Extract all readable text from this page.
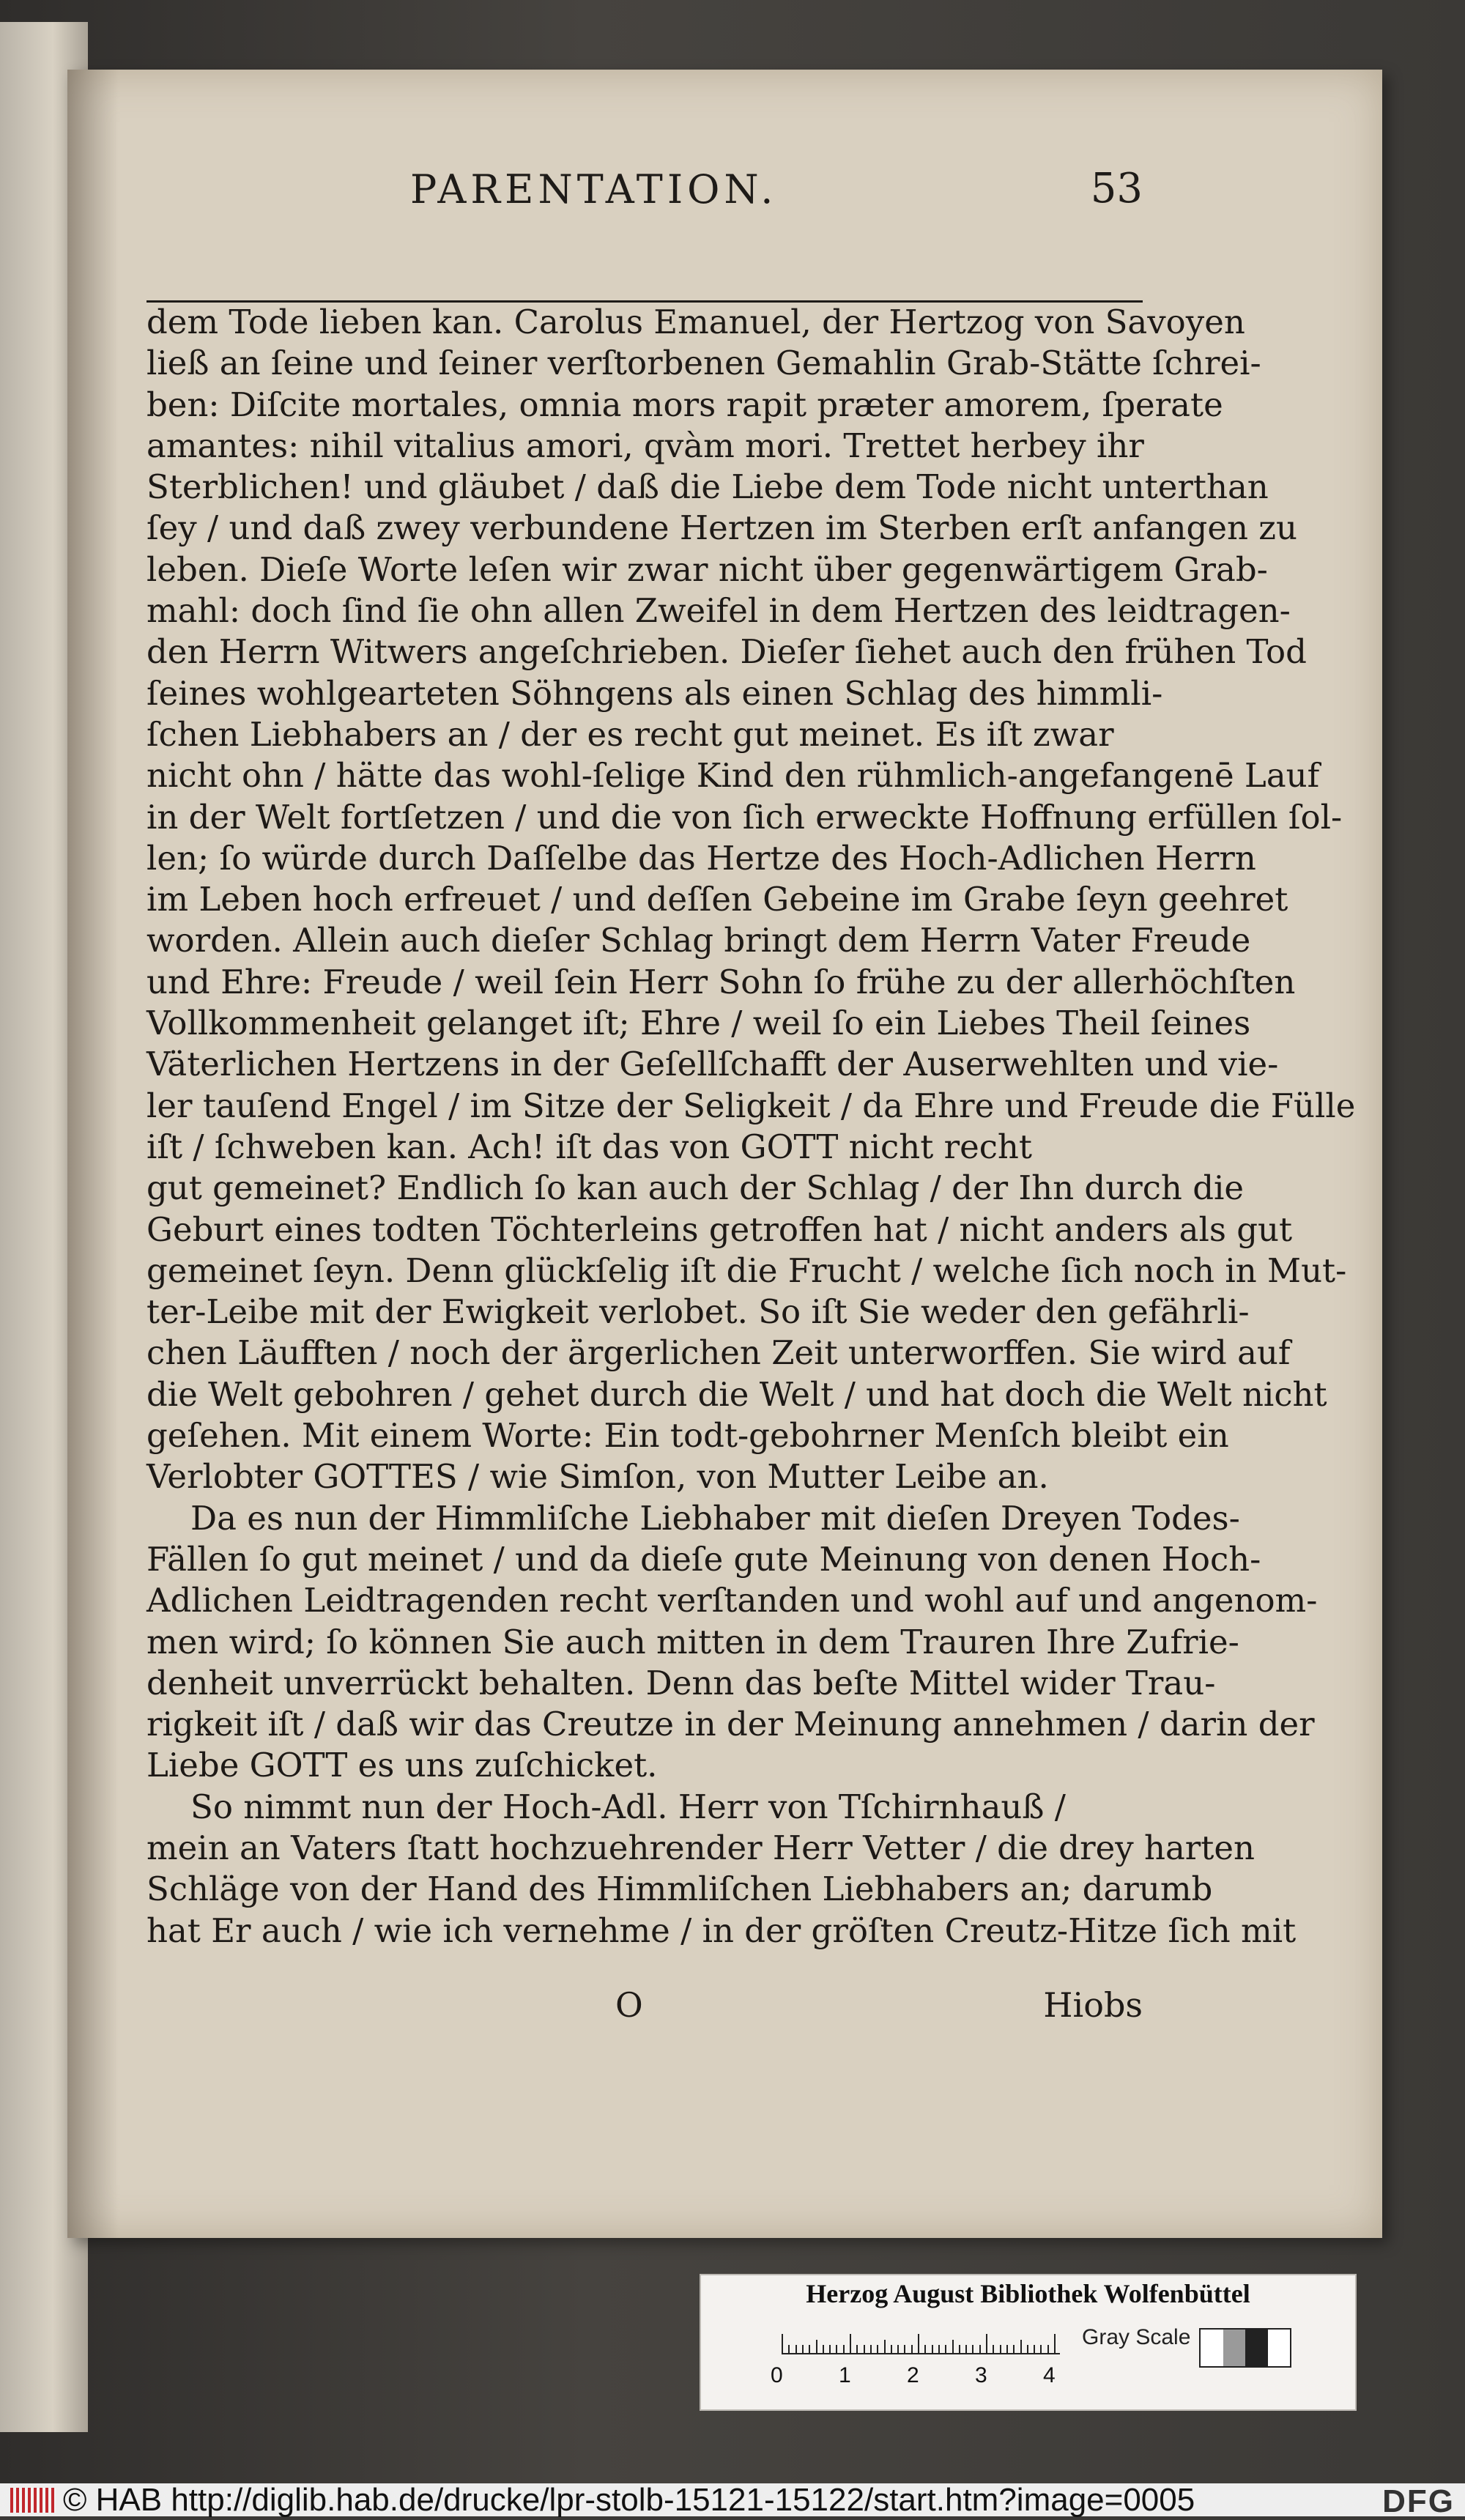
PARENTATION.	53
dem Tode lieben kan. Carolus Emanuel, der Hertzog von Savoyen
ließ an ſeine und ſeiner verſtorbenen Gemahlin Grab-Stätte ſchrei-
ben: Diſcite mortales, omnia mors rapit præter amorem, ſperate
amantes: nihil vitalius amori, qvàm mori. Trettet herbey ihr
Sterblichen! und gläubet / daß die Liebe dem Tode nicht unterthan
ſey / und daß zwey verbundene Hertzen im Sterben erſt anfangen zu
leben. Dieſe Worte leſen wir zwar nicht über gegenwärtigem Grab-
mahl: doch ſind ſie ohn allen Zweifel in dem Hertzen des leidtragen-
den Herrn Witwers angeſchrieben. Dieſer ſiehet auch den frühen Tod
ſeines wohlgearteten Söhngens als einen Schlag des himmli-
ſchen Liebhabers an / der es recht gut meinet. Es iſt zwar
nicht ohn / hätte das wohl-ſelige Kind den rühmlich-angefangenē Lauf
in der Welt fortſetzen / und die von ſich erweckte Hoffnung erfüllen ſol-
len; ſo würde durch Daſſelbe das Hertze des Hoch-Adlichen Herrn
im Leben hoch erfreuet / und deſſen Gebeine im Grabe ſeyn geehret
worden. Allein auch dieſer Schlag bringt dem Herrn Vater Freude
und Ehre: Freude / weil ſein Herr Sohn ſo frühe zu der allerhöchſten
Vollkommenheit gelanget iſt; Ehre / weil ſo ein Liebes Theil ſeines
Väterlichen Hertzens in der Geſellſchafft der Auserwehlten und vie-
ler tauſend Engel / im Sitze der Seligkeit / da Ehre und Freude die Fülle
iſt / ſchweben kan. Ach! iſt das von GOTT nicht recht
gut gemeinet? Endlich ſo kan auch der Schlag / der Ihn durch die
Geburt eines todten Töchterleins getroffen hat / nicht anders als gut
gemeinet ſeyn. Denn glückſelig iſt die Frucht / welche ſich noch in Mut-
ter-Leibe mit der Ewigkeit verlobet. So iſt Sie weder den gefährli-
chen Läufften / noch der ärgerlichen Zeit unterworffen. Sie wird auf
die Welt gebohren / gehet durch die Welt / und hat doch die Welt nicht
geſehen. Mit einem Worte: Ein todt-gebohrner Menſch bleibt ein
Verlobter GOTTES / wie Simſon, von Mutter Leibe an.
Da es nun der Himmliſche Liebhaber mit dieſen Dreyen Todes-
Fällen ſo gut meinet / und da dieſe gute Meinung von denen Hoch-
Adlichen Leidtragenden recht verſtanden und wohl auf und angenom-
men wird; ſo können Sie auch mitten in dem Trauren Ihre Zufrie-
denheit unverrückt behalten. Denn das beſte Mittel wider Trau-
rigkeit iſt / daß wir das Creutze in der Meinung annehmen / darin der
Liebe GOTT es uns zuſchicket.
So nimmt nun der Hoch-Adl. Herr von Tſchirnhauß /
mein an Vaters ſtatt hochzuehrender Herr Vetter / die drey harten
Schläge von der Hand des Himmliſchen Liebhabers an; darumb
hat Er auch / wie ich vernehme / in der gröſten Creutz-Hitze ſich mit
O	Hiobs
Herzog August Bibliothek Wolfenbüttel
0	1	2	3	4
Gray Scale
© HAB http://diglib.hab.de/drucke/lpr-stolb-15121-15122/start.htm?image=0005	DFG
